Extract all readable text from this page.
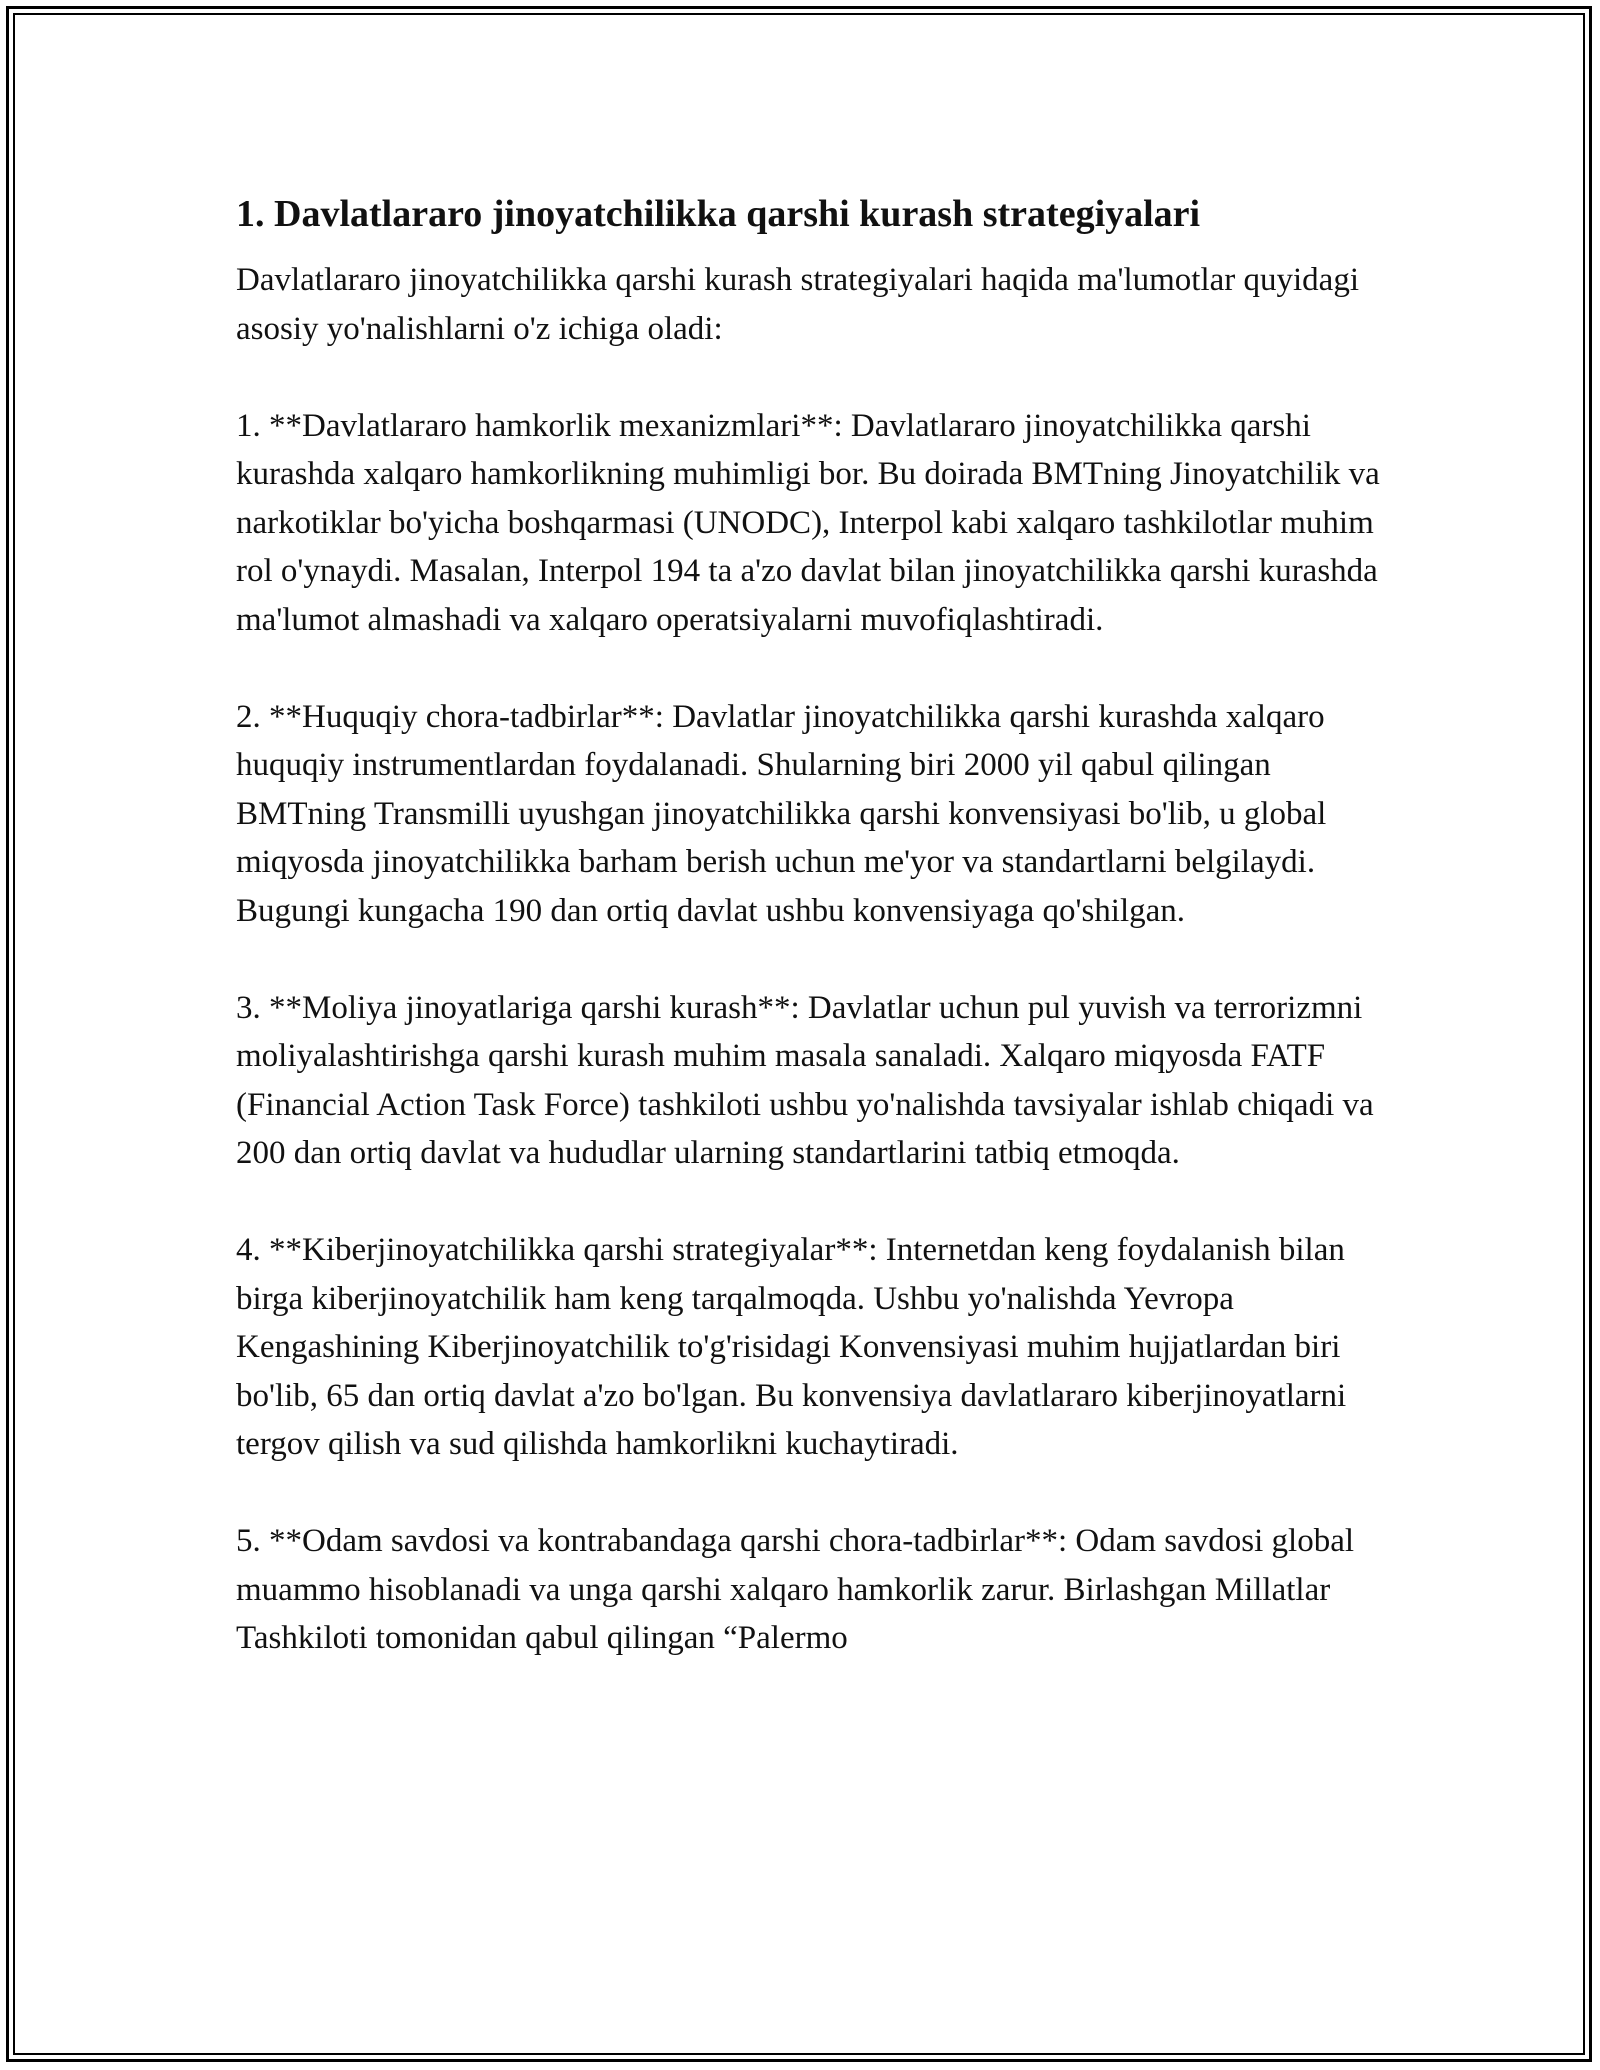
1. Davlatlararo jinoyatchilikka qarshi kurash strategiyalari

Davlatlararo jinoyatchilikka qarshi kurash strategiyalari haqida ma'lumotlar quyidagi asosiy yo'nalishlarni o'z ichiga oladi:

1. **Davlatlararo hamkorlik mexanizmlari**: Davlatlararo jinoyatchilikka qarshi kurashda xalqaro hamkorlikning muhimligi bor. Bu doirada BMTning Jinoyatchilik va narkotiklar bo'yicha boshqarmasi (UNODC), Interpol kabi xalqaro tashkilotlar muhim rol o'ynaydi. Masalan, Interpol 194 ta a'zo davlat bilan jinoyatchilikka qarshi kurashda ma'lumot almashadi va xalqaro operatsiyalarni muvofiqlashtiradi.

2. **Huquqiy chora-tadbirlar**: Davlatlar jinoyatchilikka qarshi kurashda xalqaro huquqiy instrumentlardan foydalanadi. Shularning biri 2000 yil qabul qilingan BMTning Transmilli uyushgan jinoyatchilikka qarshi konvensiyasi bo'lib, u global miqyosda jinoyatchilikka barham berish uchun me'yor va standartlarni belgilaydi. Bugungi kungacha 190 dan ortiq davlat ushbu konvensiyaga qo'shilgan.

3. **Moliya jinoyatlariga qarshi kurash**: Davlatlar uchun pul yuvish va terrorizmni moliyalashtirishga qarshi kurash muhim masala sanaladi. Xalqaro miqyosda FATF (Financial Action Task Force) tashkiloti ushbu yo'nalishda tavsiyalar ishlab chiqadi va 200 dan ortiq davlat va hududlar ularning standartlarini tatbiq etmoqda.

4. **Kiberjinoyatchilikka qarshi strategiyalar**: Internetdan keng foydalanish bilan birga kiberjinoyatchilik ham keng tarqalmoqda. Ushbu yo'nalishda Yevropa Kengashining Kiberjinoyatchilik to'g'risidagi Konvensiyasi muhim hujjatlardan biri bo'lib, 65 dan ortiq davlat a'zo bo'lgan. Bu konvensiya davlatlararo kiberjinoyatlarni tergov qilish va sud qilishda hamkorlikni kuchaytiradi.

5. **Odam savdosi va kontrabandaga qarshi chora-tadbirlar**: Odam savdosi global muammo hisoblanadi va unga qarshi xalqaro hamkorlik zarur. Birlashgan Millatlar Tashkiloti tomonidan qabul qilingan “Palermo
